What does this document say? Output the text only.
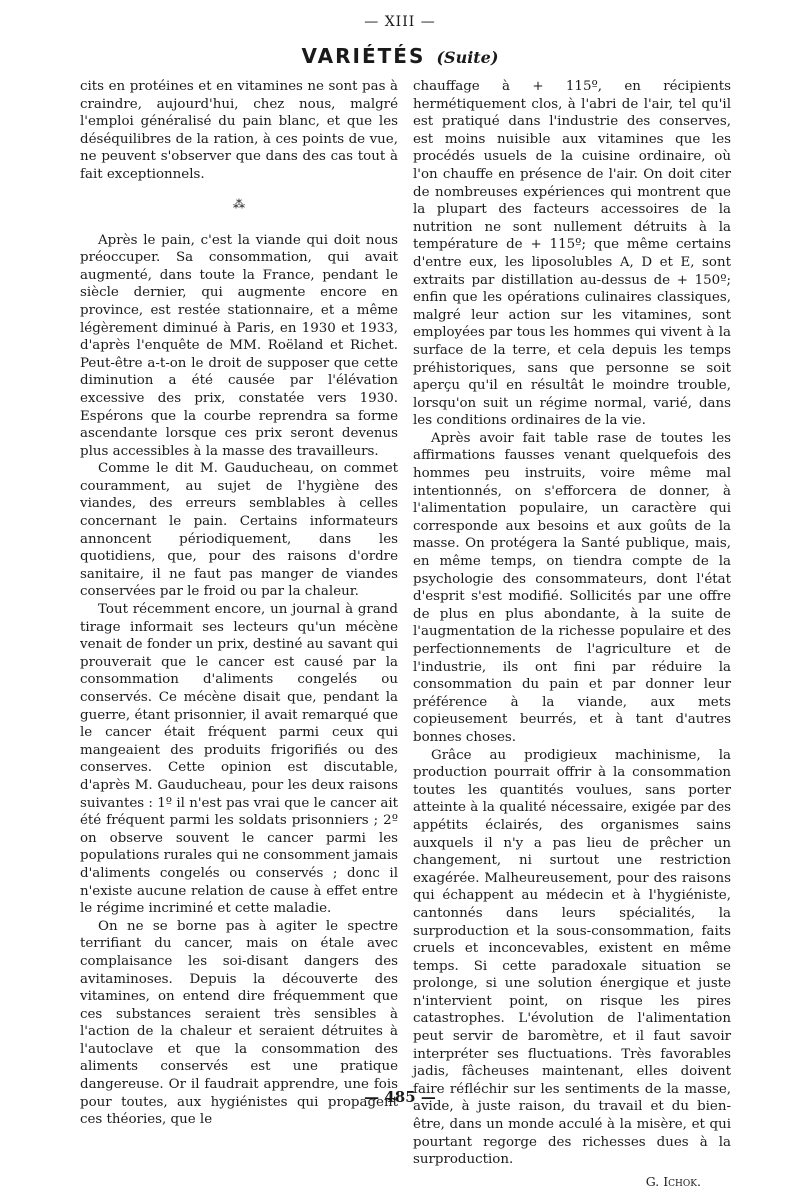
— XIII —
VARIÉTÉS (Suite)

cits en protéines et en vitamines ne sont pas à craindre, aujourd'hui, chez nous, malgré l'emploi généralisé du pain blanc, et que les déséquilibres de la ration, à ces points de vue, ne peuvent s'observer que dans des cas tout à fait exceptionnels.

⁂

Après le pain, c'est la viande qui doit nous préoccuper. Sa consommation, qui avait augmenté, dans toute la France, pendant le siècle dernier, qui augmente encore en province, est restée stationnaire, et a même légèrement diminué à Paris, en 1930 et 1933, d'après l'enquête de MM. Roëland et Richet. Peut-être a-t-on le droit de supposer que cette diminution a été causée par l'élévation excessive des prix, constatée vers 1930. Espérons que la courbe reprendra sa forme ascendante lorsque ces prix seront devenus plus accessibles à la masse des travailleurs.

Comme le dit M. Gauducheau, on commet couramment, au sujet de l'hygiène des viandes, des erreurs semblables à celles concernant le pain. Certains informateurs annoncent périodiquement, dans les quotidiens, que, pour des raisons d'ordre sanitaire, il ne faut pas manger de viandes conservées par le froid ou par la chaleur.

Tout récemment encore, un journal à grand tirage informait ses lecteurs qu'un mécène venait de fonder un prix, destiné au savant qui prouverait que le cancer est causé par la consommation d'aliments congelés ou conservés. Ce mécène disait que, pendant la guerre, étant prisonnier, il avait remarqué que le cancer était fréquent parmi ceux qui mangeaient des produits frigorifiés ou des conserves. Cette opinion est discutable, d'après M. Gauducheau, pour les deux raisons suivantes : 1º il n'est pas vrai que le cancer ait été fréquent parmi les soldats prisonniers ; 2º on observe souvent le cancer parmi les populations rurales qui ne consomment jamais d'aliments congelés ou conservés ; donc il n'existe aucune relation de cause à effet entre le régime incriminé et cette maladie.

On ne se borne pas à agiter le spectre terrifiant du cancer, mais on étale avec complaisance les soi-disant dangers des avitaminoses. Depuis la découverte des vitamines, on entend dire fréquemment que ces substances seraient très sensibles à l'action de la chaleur et seraient détruites à l'autoclave et que la consommation des aliments conservés est une pratique dangereuse. Or il faudrait apprendre, une fois pour toutes, aux hygiénistes qui propagent ces théories, que le

chauffage à + 115º, en récipients hermétiquement clos, à l'abri de l'air, tel qu'il est pratiqué dans l'industrie des conserves, est moins nuisible aux vitamines que les procédés usuels de la cuisine ordinaire, où l'on chauffe en présence de l'air. On doit citer de nombreuses expériences qui montrent que la plupart des facteurs accessoires de la nutrition ne sont nullement détruits à la température de + 115º; que même certains d'entre eux, les liposolubles A, D et E, sont extraits par distillation au-dessus de + 150º; enfin que les opérations culinaires classiques, malgré leur action sur les vitamines, sont employées par tous les hommes qui vivent à la surface de la terre, et cela depuis les temps préhistoriques, sans que personne se soit aperçu qu'il en résultât le moindre trouble, lorsqu'on suit un régime normal, varié, dans les conditions ordinaires de la vie.

Après avoir fait table rase de toutes les affirmations fausses venant quelquefois des hommes peu instruits, voire même mal intentionnés, on s'efforcera de donner, à l'alimentation populaire, un caractère qui corresponde aux besoins et aux goûts de la masse. On protégera la Santé publique, mais, en même temps, on tiendra compte de la psychologie des consommateurs, dont l'état d'esprit s'est modifié. Sollicités par une offre de plus en plus abondante, à la suite de l'augmentation de la richesse populaire et des perfectionnements de l'agriculture et de l'industrie, ils ont fini par réduire la consommation du pain et par donner leur préférence à la viande, aux mets copieusement beurrés, et à tant d'autres bonnes choses.

Grâce au prodigieux machinisme, la production pourrait offrir à la consommation toutes les quantités voulues, sans porter atteinte à la qualité nécessaire, exigée par des appétits éclairés, des organismes sains auxquels il n'y a pas lieu de prêcher un changement, ni surtout une restriction exagérée. Malheureusement, pour des raisons qui échappent au médecin et à l'hygiéniste, cantonnés dans leurs spécialités, la surproduction et la sous-consommation, faits cruels et inconcevables, existent en même temps. Si cette paradoxale situation se prolonge, si une solution énergique et juste n'intervient point, on risque les pires catastrophes. L'évolution de l'alimentation peut servir de baromètre, et il faut savoir interpréter ses fluctuations. Très favorables jadis, fâcheuses maintenant, elles doivent faire réfléchir sur les sentiments de la masse, avide, à juste raison, du travail et du bien-être, dans un monde acculé à la misère, et qui pourtant regorge des richesses dues à la surproduction.

G. Ichok.
— 485 —
